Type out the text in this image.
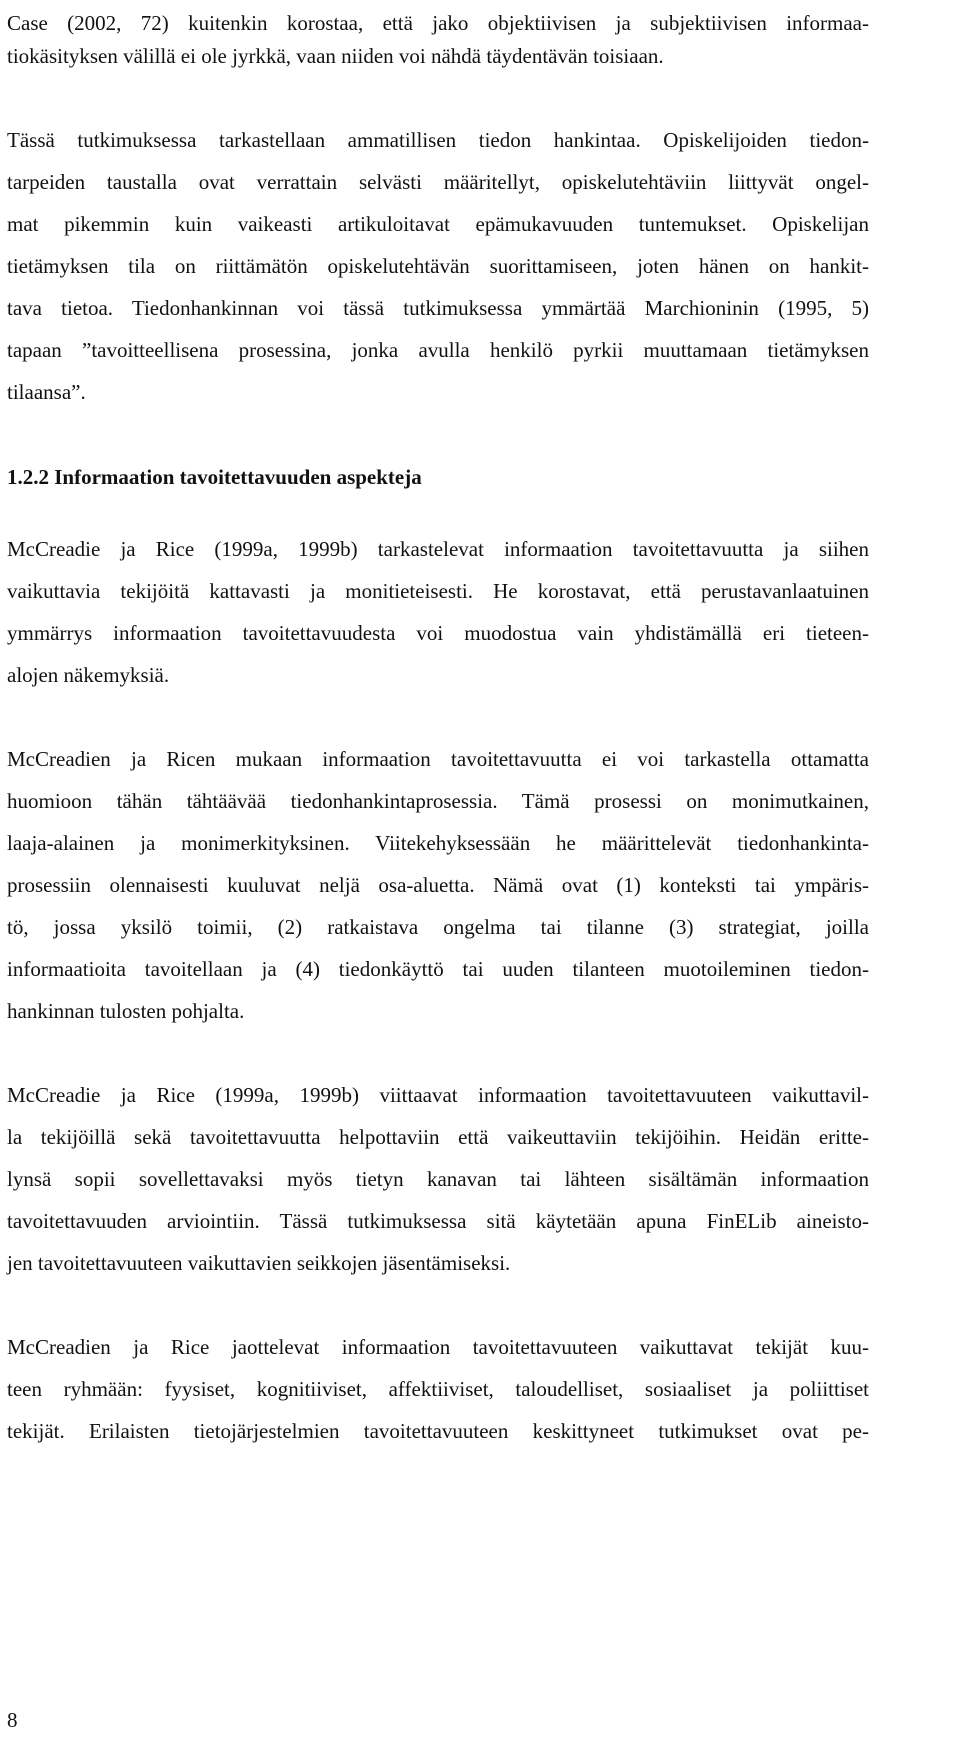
Case (2002, 72) kuitenkin korostaa, että jako objektiivisen ja subjektiivisen informaa-
tiokäsityksen välillä ei ole jyrkkä, vaan niiden voi nähdä täydentävän toisiaan.
Tässä tutkimuksessa tarkastellaan ammatillisen tiedon hankintaa. Opiskelijoiden tiedon-
tarpeiden taustalla ovat verrattain selvästi määritellyt, opiskelutehtäviin liittyvät ongel-
mat pikemmin kuin vaikeasti artikuloitavat epämukavuuden tuntemukset. Opiskelijan
tietämyksen tila on riittämätön opiskelutehtävän suorittamiseen, joten hänen on hankit-
tava tietoa. Tiedonhankinnan voi tässä tutkimuksessa ymmärtää Marchioninin (1995, 5)
tapaan ”tavoitteellisena prosessina, jonka avulla henkilö pyrkii muuttamaan tietämyksen
tilaansa”.
1.2.2 Informaation tavoitettavuuden aspekteja
McCreadie ja Rice (1999a, 1999b) tarkastelevat informaation tavoitettavuutta ja siihen
vaikuttavia tekijöitä kattavasti ja monitieteisesti. He korostavat, että perustavanlaatuinen
ymmärrys informaation tavoitettavuudesta voi muodostua vain yhdistämällä eri tieteen-
alojen näkemyksiä.
McCreadien ja Ricen mukaan informaation tavoitettavuutta ei voi tarkastella ottamatta
huomioon tähän tähtäävää tiedonhankintaprosessia. Tämä prosessi on monimutkainen,
laaja-alainen ja monimerkityksinen. Viitekehyksessään he määrittelevät tiedonhankinta-
prosessiin olennaisesti kuuluvat neljä osa-aluetta. Nämä ovat (1) konteksti tai ympäris-
tö, jossa yksilö toimii, (2) ratkaistava ongelma tai tilanne (3) strategiat, joilla
informaatioita tavoitellaan ja (4) tiedonkäyttö tai uuden tilanteen muotoileminen tiedon-
hankinnan tulosten pohjalta.
McCreadie ja Rice (1999a, 1999b) viittaavat informaation tavoitettavuuteen vaikuttavil-
la tekijöillä sekä tavoitettavuutta helpottaviin että vaikeuttaviin tekijöihin. Heidän erittе-
lynsä sopii sovellettavaksi myös tietyn kanavan tai lähteen sisältämän informaation
tavoitettavuuden arviointiin. Tässä tutkimuksessa sitä käytetään apuna FinELib aineisto-
jen tavoitettavuuteen vaikuttavien seikkojen jäsentämiseksi.
McCreadien ja Rice jaottelevat informaation tavoitettavuuteen vaikuttavat tekijät kuu-
teen ryhmään: fyysiset, kognitiiviset, affektiiviset, taloudelliset, sosiaaliset ja poliittiset
tekijät. Erilaisten tietojärjestelmien tavoitettavuuteen keskittyneet tutkimukset ovat pe-
8
